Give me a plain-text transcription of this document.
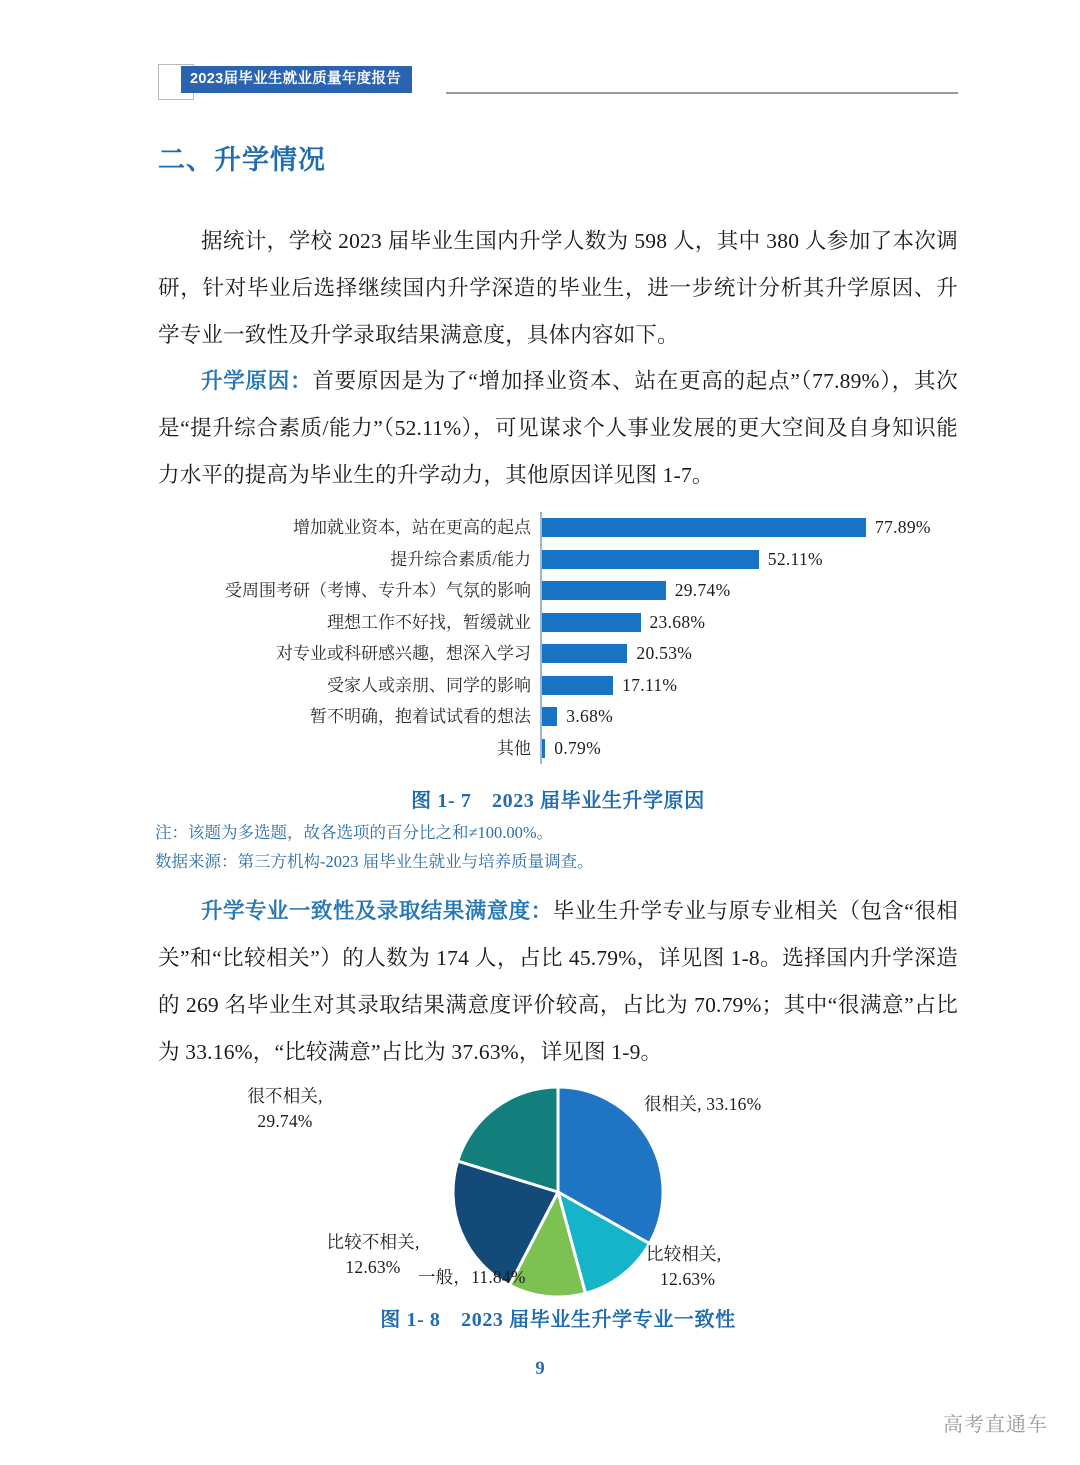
2023届毕业生就业质量年度报告
二、升学情况

据统计，学校 2023 届毕业生国内升学人数为 598 人，其中 380 人参加了本次调研，针对毕业后选择继续国内升学深造的毕业生，进一步统计分析其升学原因、升学专业一致性及升学录取结果满意度，具体内容如下。

升学原因：首要原因是为了“增加择业资本、站在更高的起点”（77.89%），其次是“提升综合素质/能力”（52.11%），可见谋求个人事业发展的更大空间及自身知识能力水平的提高为毕业生的升学动力，其他原因详见图 1-7。

增加就业资本，站在更高的起点	77.89%
提升综合素质/能力	52.11%
受周围考研（考博、专升本）气氛的影响	29.74%
理想工作不好找，暂缓就业	23.68%
对专业或科研感兴趣，想深入学习	20.53%
受家人或亲朋、同学的影响	17.11%
暂不明确，抱着试试看的想法	3.68%
其他	0.79%
图 1- 7　2023 届毕业生升学原因
注：该题为多选题，故各选项的百分比之和≠100.00%。
数据来源：第三方机构-2023 届毕业生就业与培养质量调查。

升学专业一致性及录取结果满意度：毕业生升学专业与原专业相关（包含“很相关”和“比较相关”）的人数为 174 人，占比 45.79%，详见图 1-8。选择国内升学深造的 269 名毕业生对其录取结果满意度评价较高，占比为 70.79%；其中“很满意”占比为 33.16%，“比较满意”占比为 37.63%，详见图 1-9。

很相关, 33.16%
比较相关,
12.63%
一般，11.84%
比较不相关,
12.63%
很不相关,
29.74%
图 1- 8　2023 届毕业生升学专业一致性
9
高考直通车
